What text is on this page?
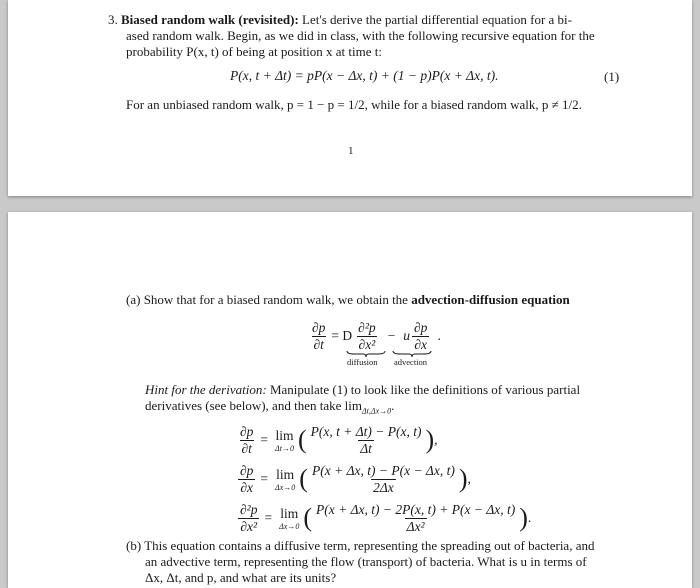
3. Biased random walk (revisited): Let's derive the partial differential equation for a bi-
ased random walk. Begin, as we did in class, with the following recursive equation for the
probability P(x, t) of being at position x at time t:
P(x, t + Δt) = pP(x − Δx, t) + (1 − p)P(x + Δx, t).	(1)
For an unbiased random walk, p = 1 − p = 1/2, while for a biased random walk, p ≠ 1/2.
1
(a) Show that for a biased random walk, we obtain the advection-diffusion equation
$\frac{\partial p}{\partial t} = D \frac{\text{∂²p}}{\text{∂x²}} - u \frac{\partial p}{\partial x}$ .
diffusion advection
Hint for the derivation: Manipulate (1) to look like the definitions of various partial
derivatives (see below), and then take $\lim_{\Delta t,\Delta x\to 0}$.
$\frac{\partial p}{\partial t} = \lim$
Δt→0 ( $\frac{P(x, t + \Delta t) - P(x, t)}{\Delta t}$ ) ,
$\frac{\partial p}{\partial x} = \lim$
Δx→0 ( $\frac{P(x + \Delta x, t) - P(x - \Delta x, t)}{2\Delta x}$ ) ,
$\frac{\text{∂²p}}{\text{∂x²}} = \lim$
Δx→0 ( $\frac{P(x + \Delta x, t) - 2P(x, t) + P(x - \Delta x, t)}{\text{Δx²}}$ ) .
(b) This equation contains a diffusive term, representing the spreading out of bacteria, and
an advective term, representing the flow (transport) of bacteria. What is u in terms of
Δx, Δt, and p, and what are its units?
